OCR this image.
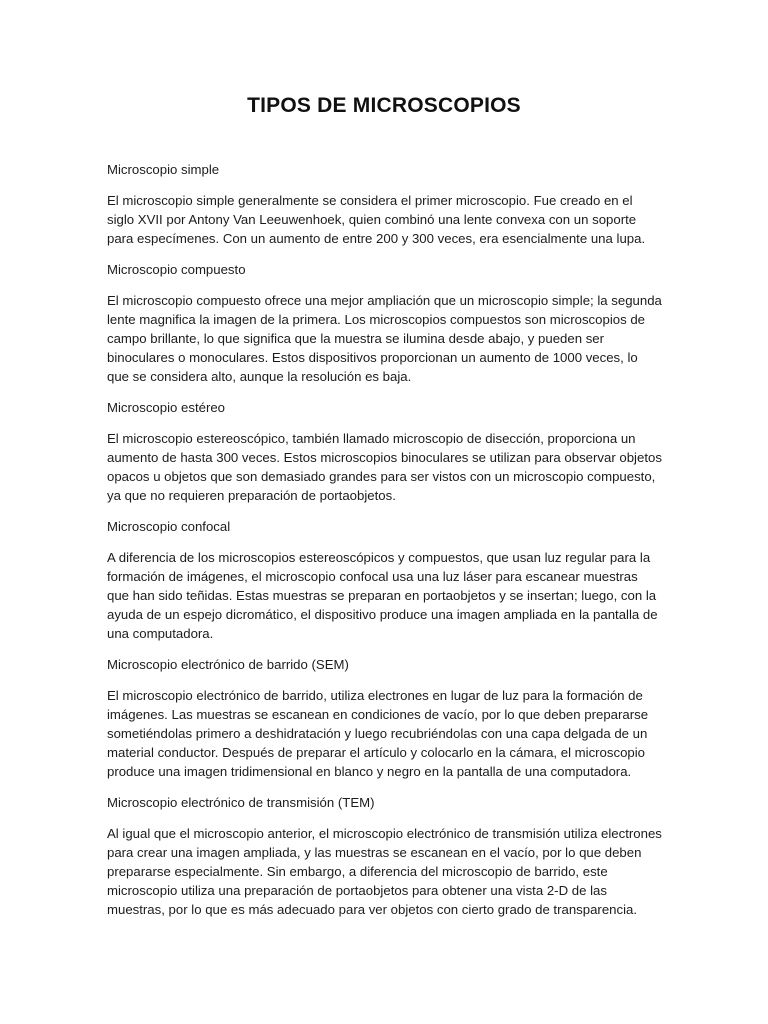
TIPOS DE MICROSCOPIOS

Microscopio simple

El microscopio simple generalmente se considera el primer microscopio. Fue creado en el siglo XVII por Antony Van Leeuwenhoek, quien combinó una lente convexa con un soporte para especímenes. Con un aumento de entre 200 y 300 veces, era esencialmente una lupa.

Microscopio compuesto

El microscopio compuesto ofrece una mejor ampliación que un microscopio simple; la segunda lente magnifica la imagen de la primera. Los microscopios compuestos son microscopios de campo brillante, lo que significa que la muestra se ilumina desde abajo, y pueden ser binoculares o monoculares. Estos dispositivos proporcionan un aumento de 1000 veces, lo que se considera alto, aunque la resolución es baja.

Microscopio estéreo

El microscopio estereoscópico, también llamado microscopio de disección, proporciona un aumento de hasta 300 veces. Estos microscopios binoculares se utilizan para observar objetos opacos u objetos que son demasiado grandes para ser vistos con un microscopio compuesto, ya que no requieren preparación de portaobjetos.

Microscopio confocal

A diferencia de los microscopios estereoscópicos y compuestos, que usan luz regular para la formación de imágenes, el microscopio confocal usa una luz láser para escanear muestras que han sido teñidas. Estas muestras se preparan en portaobjetos y se insertan; luego, con la ayuda de un espejo dicromático, el dispositivo produce una imagen ampliada en la pantalla de una computadora.

Microscopio electrónico de barrido (SEM)

El microscopio electrónico de barrido, utiliza electrones en lugar de luz para la formación de imágenes. Las muestras se escanean en condiciones de vacío, por lo que deben prepararse sometiéndolas primero a deshidratación y luego recubriéndolas con una capa delgada de un material conductor. Después de preparar el artículo y colocarlo en la cámara, el microscopio produce una imagen tridimensional en blanco y negro en la pantalla de una computadora.

Microscopio electrónico de transmisión (TEM)

Al igual que el microscopio anterior, el microscopio electrónico de transmisión utiliza electrones para crear una imagen ampliada, y las muestras se escanean en el vacío, por lo que deben prepararse especialmente. Sin embargo, a diferencia del microscopio de barrido, este microscopio utiliza una preparación de portaobjetos para obtener una vista 2-D de las muestras, por lo que es más adecuado para ver objetos con cierto grado de transparencia.
